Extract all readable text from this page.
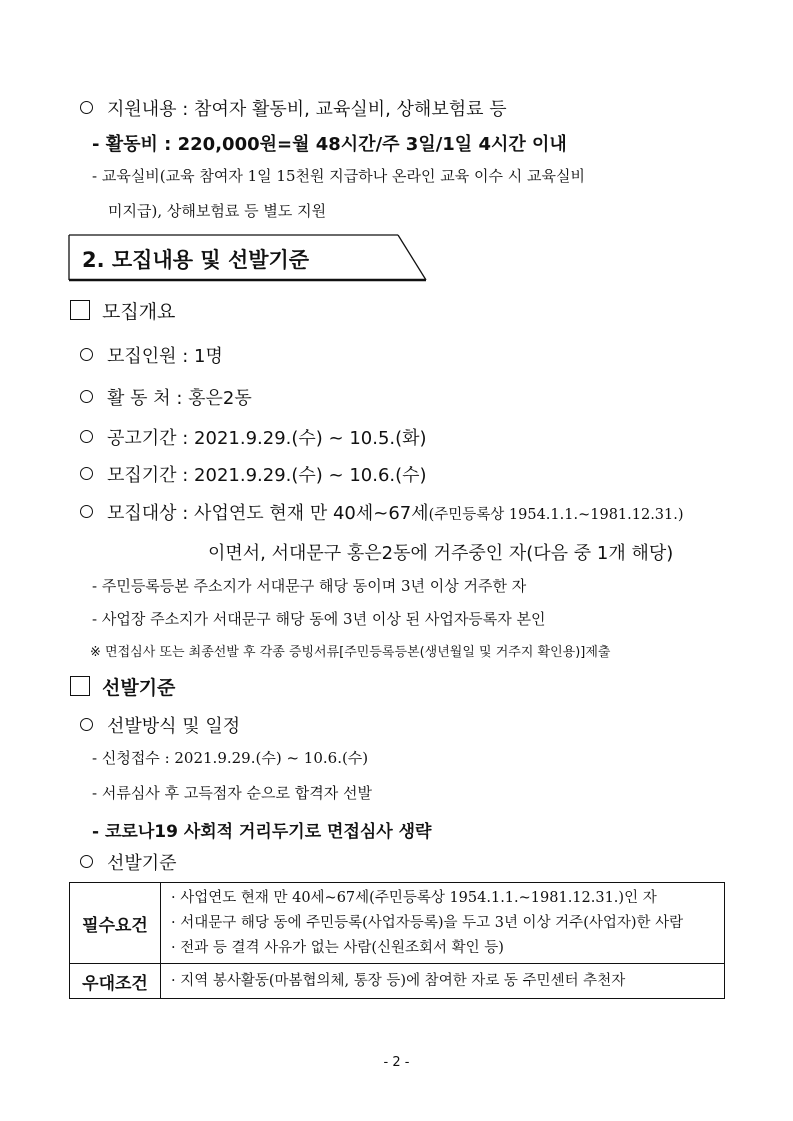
지원내용 : 참여자 활동비, 교육실비, 상해보험료 등
- 활동비 : 220,000원=월 48시간/주 3일/1일 4시간 이내
- 교육실비(교육 참여자 1일 15천원 지급하나 온라인 교육 이수 시 교육실비
미지급), 상해보험료 등 별도 지원
2. 모집내용 및 선발기준
모집개요
모집인원 : 1명
활 동 처 : 홍은2동
공고기간 : 2021.9.29.(수) ~ 10.5.(화)
모집기간 : 2021.9.29.(수) ~ 10.6.(수)
모집대상 : 사업연도 현재 만 40세~67세(주민등록상 1954.1.1.~1981.12.31.)
이면서, 서대문구 홍은2동에 거주중인 자(다음 중 1개 해당)
- 주민등록등본 주소지가 서대문구 해당 동이며 3년 이상 거주한 자
- 사업장 주소지가 서대문구 해당 동에 3년 이상 된 사업자등록자 본인
※ 면접심사 또는 최종선발 후 각종 증빙서류[주민등록등본(생년월일 및 거주지 확인용)]제출
선발기준
선발방식 및 일정
- 신청접수 : 2021.9.29.(수) ~ 10.6.(수)
- 서류심사 후 고득점자 순으로 합격자 선발
- 코로나19 사회적 거리두기로 면접심사 생략
선발기준
필수요건	· 사업연도 현재 만 40세~67세(주민등록상 1954.1.1.~1981.12.31.)인 자
· 서대문구 해당 동에 주민등록(사업자등록)을 두고 3년 이상 거주(사업자)한 사람
· 전과 등 결격 사유가 없는 사람(신원조회서 확인 등)

우대조건	· 지역 봉사활동(마봄협의체, 통장 등)에 참여한 자로 동 주민센터 추천자
- 2 -
